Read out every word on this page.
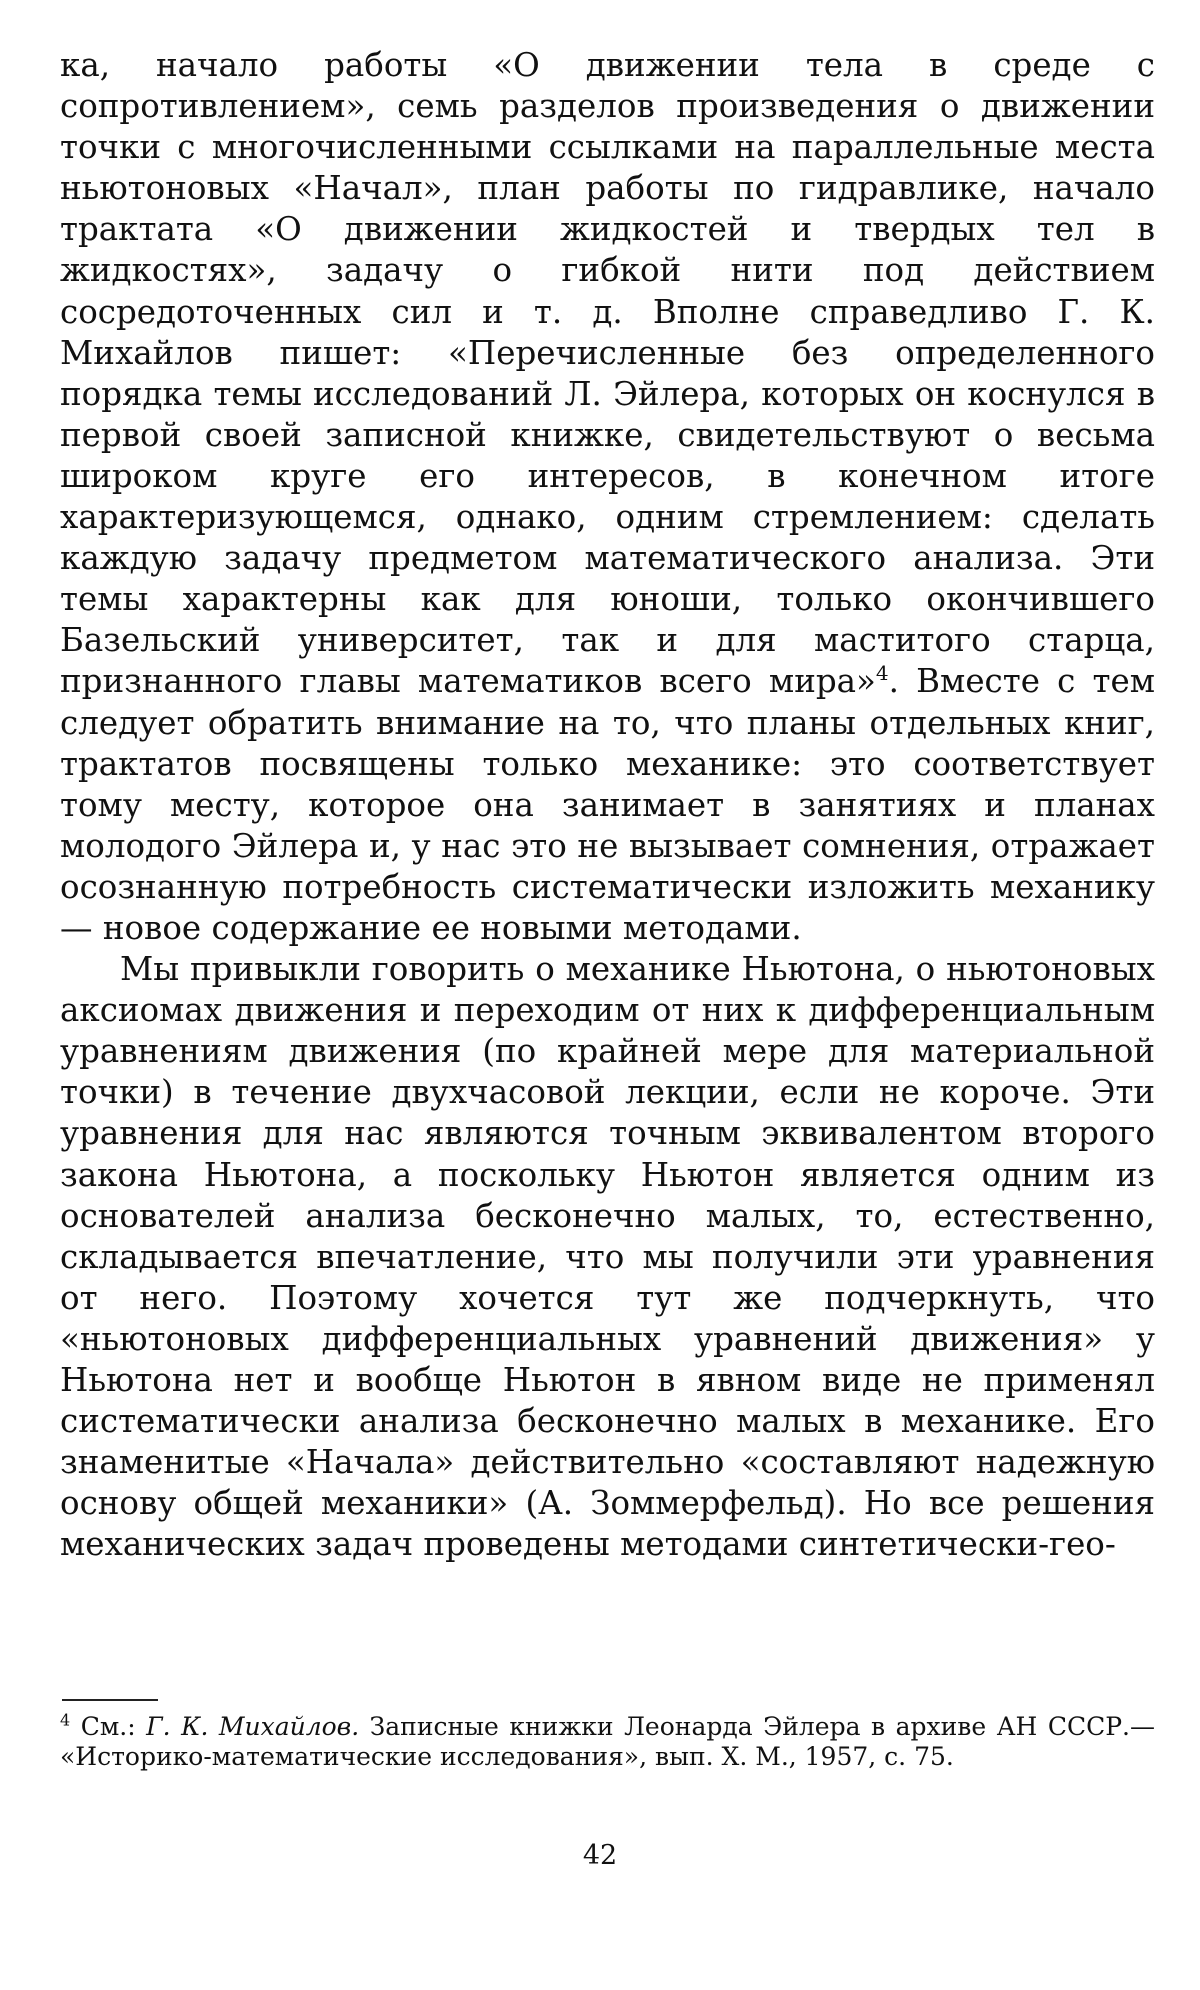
ка, начало работы «О движении тела в среде с сопротивлением», семь разделов произведения о движении точки с многочисленными ссылками на параллельные места ньютоновых «Начал», план работы по гидравлике, начало трактата «О движении жидкостей и твердых тел в жидкостях», задачу о гибкой нити под действием сосредоточенных сил и т. д. Вполне справедливо Г. К. Михайлов пишет: «Перечисленные без определенного порядка темы исследований Л. Эйлера, которых он коснулся в первой своей записной книжке, свидетельствуют о весьма широком круге его интересов, в конечном итоге характеризующемся, однако, одним стремлением: сделать каждую задачу предметом математического анализа. Эти темы характерны как для юноши, только окончившего Базельский университет, так и для маститого старца, признанного главы математиков всего мира»$^4$. Вместе с тем следует обратить внимание на то, что планы отдельных книг, трактатов посвящены только механике: это соответствует тому месту, которое она занимает в занятиях и планах молодого Эйлера и, у нас это не вызывает сомнения, отражает осознанную потребность систематически изложить механику — новое содержание ее новыми методами.

Мы привыкли говорить о механике Ньютона, о ньютоновых аксиомах движения и переходим от них к дифференциальным уравнениям движения (по крайней мере для материальной точки) в течение двухчасовой лекции, если не короче. Эти уравнения для нас являются точным эквивалентом второго закона Ньютона, а поскольку Ньютон является одним из основателей анализа бесконечно малых, то, естественно, складывается впечатление, что мы получили эти уравнения от него. Поэтому хочется тут же подчеркнуть, что «ньютоновых дифференциальных уравнений движения» у Ньютона нет и вообще Ньютон в явном виде не применял систематически анализа бесконечно малых в механике. Его знаменитые «Начала» действительно «составляют надежную основу общей механики» (А. Зоммерфельд). Но все решения механических задач проведены методами синтетически-гео-

$^4$ См.: Г. К. Михайлов. Записные книжки Леонарда Эйлера в архиве АН СССР.— «Историко-математические исследования», вып. X. М., 1957, с. 75.
42
